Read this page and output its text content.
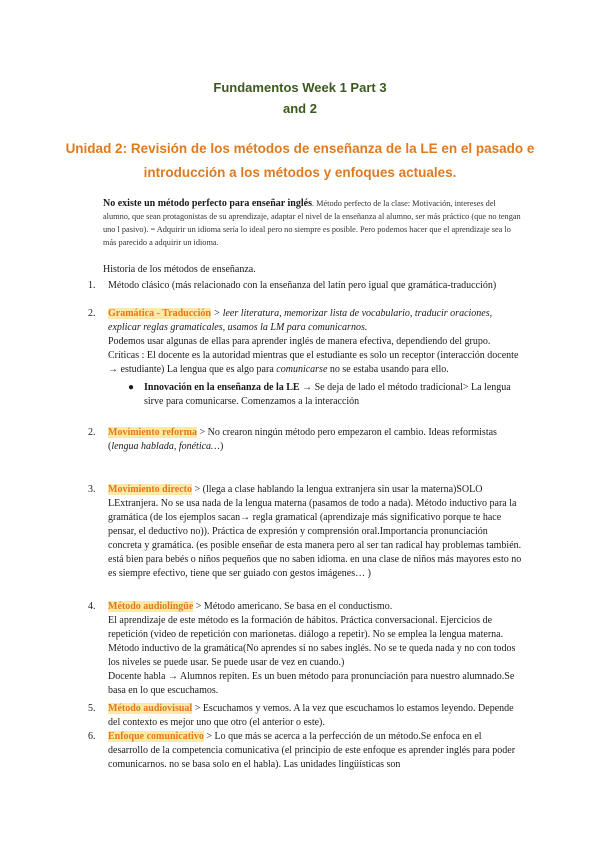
Fundamentos Week 1 Part 3
and 2
Unidad 2: Revisión de los métodos de enseñanza de la LE en el pasado e
introducción a los métodos y enfoques actuales.
No existe un método perfecto para enseñar inglés. Método perfecto de la clase: Motivación, intereses del alumno, que sean protagonistas de su aprendizaje, adaptar el nivel de la enseñanza al alumno, ser más práctico (que no tengan uno l pasivo). = Adquirir un idioma sería lo ideal pero no siempre es posible. Pero podemos hacer que el aprendizaje sea lo más parecido a adquirir un idioma.
Historia de los métodos de enseñanza.
1.	Método clásico (más relacionado con la enseñanza del latín pero igual que gramática-traducción)
2.	Gramática - Traducción > leer literatura, memorizar lista de vocabulario, traducir oraciones, explicar reglas gramaticales, usamos la LM para comunicarnos.
Podemos usar algunas de ellas para aprender inglés de manera efectiva, dependiendo del grupo.
Críticas : El docente es la autoridad mientras que el estudiante es solo un receptor (interacción docente → estudiante) La lengua que es algo para comunicarse no se estaba usando para ello.
● Innovación en la enseñanza de la LE → Se deja de lado el método tradicional> La lengua sirve para comunicarse. Comenzamos a la interacción
2.	Movimiento reforma > No crearon ningún método pero empezaron el cambio. Ideas reformistas (lengua hablada, fonética…)
3.	Movimiento directo > (llega a clase hablando la lengua extranjera sin usar la materna)SOLO LExtranjera. No se usa nada de la lengua materna (pasamos de todo a nada). Método inductivo para la gramática (de los ejemplos sacan→ regla gramatical (aprendizaje más significativo porque te hace pensar, el deductivo no)). Práctica de expresión y comprensión oral.Importancia pronunciación concreta y gramática. (es posible enseñar de esta manera pero al ser tan radical hay problemas también. está bien para bebés o niños pequeños que no saben idioma. en una clase de niños más mayores esto no es siempre efectivo, tiene que ser guiado con gestos imágenes… )
4.	Método audiolingüe > Método americano. Se basa en el conductismo.
El aprendizaje de este método es la formación de hábitos. Práctica conversacional. Ejercicios de repetición (video de repetición con marionetas. diálogo a repetir). No se emplea la lengua materna. Método inductivo de la gramática(No aprendes si no sabes inglés. No se te queda nada y no con todos los niveles se puede usar. Se puede usar de vez en cuando.)
Docente habla → Alumnos repiten. Es un buen método para pronunciación para nuestro alumnado.Se basa en lo que escuchamos.
5.	Método audiovisual > Escuchamos y vemos. A la vez que escuchamos lo estamos leyendo. Depende del contexto es mejor uno que otro (el anterior o este).
6.	Enfoque comunicativo > Lo que más se acerca a la perfección de un método.Se enfoca en el desarrollo de la competencia comunicativa (el principio de este enfoque es aprender inglés para poder comunicarnos. no se basa solo en el habla). Las unidades lingüísticas son
